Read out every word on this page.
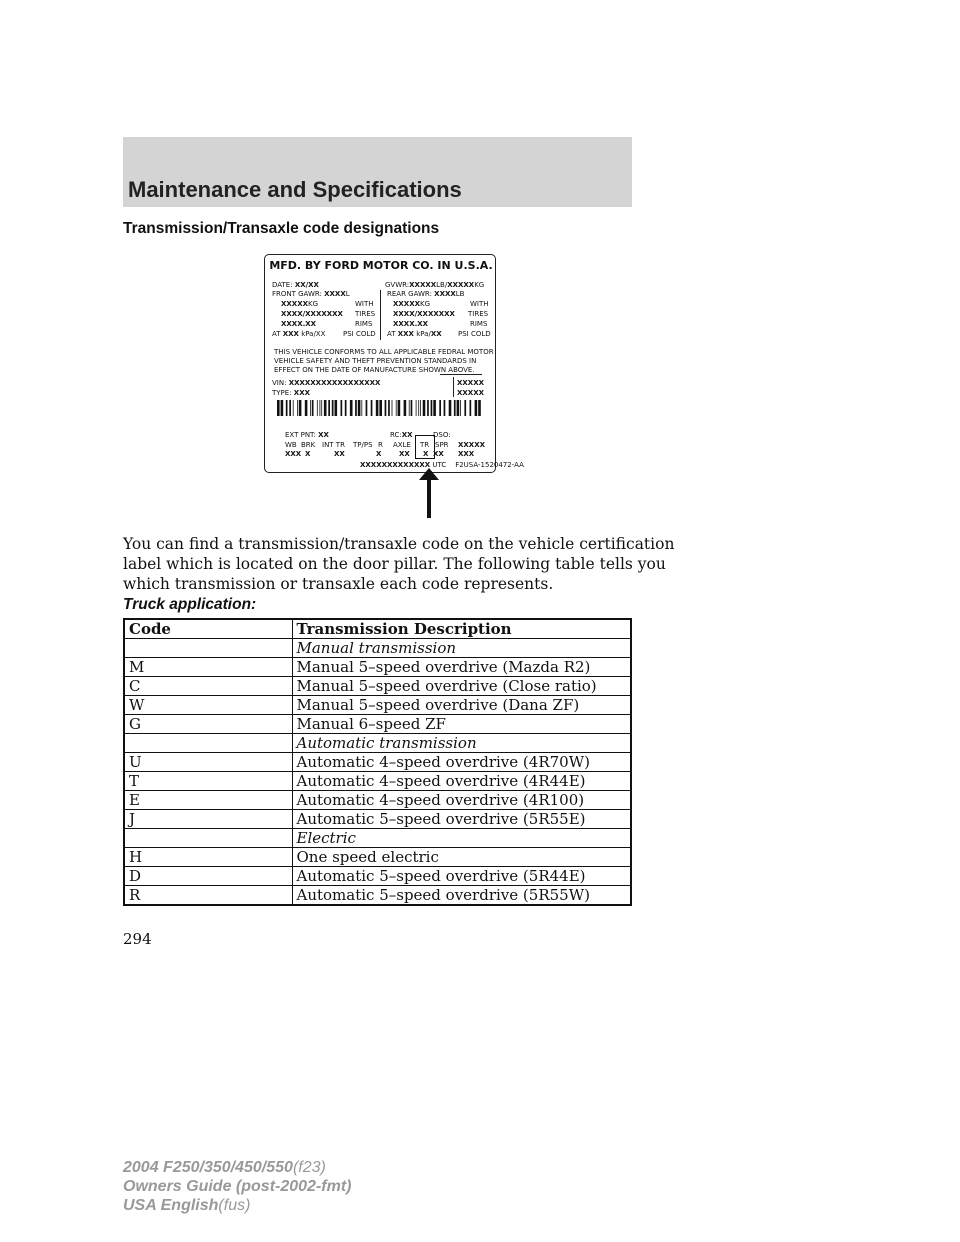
Maintenance and Specifications
Transmission/Transaxle code designations
MFD. BY FORD MOTOR CO. IN U.S.A.
DATE: XX/XX	GVWR:XXXXXLB/XXXXXKG
FRONT GAWR: XXXXL
XXXXXKG	WITH
XXXX/XXXXXXX TIRES
XXXX.XX	RIMS
AT XXX kPa/XX	PSI COLD
REAR GAWR: XXXXLB
XXXXXKG	WITH
XXXX/XXXXXXX TIRES
XXXX.XX	RIMS
AT XXX kPa/XX PSI COLD
THIS VEHICLE CONFORMS TO ALL APPLICABLE FEDRAL MOTOR
VEHICLE SAFETY AND THEFT PREVENTION STANDARDS IN
EFFECT ON THE DATE OF MANUFACTURE SHOWN ABOVE.
VIN: XXXXXXXXXXXXXXXXX
TYPE: XXX
XXXXX
XXXXX
EXT PNT: XX	RC:XX	DSO:
WB BRK INT TR TP/PS R AXLE TR SPR XXXXX
XXX X	XX	X	XX X XX XXX
XXXXXXXXXXXXX UTC F2USA-1520472-AA
You can find a transmission/transaxle code on the vehicle certification
label which is located on the door pillar. The following table tells you
which transmission or transaxle each code represents.
Truck application:
Code	Transmission Description
	Manual transmission
M	Manual 5–speed overdrive (Mazda R2)
C	Manual 5–speed overdrive (Close ratio)
W	Manual 5–speed overdrive (Dana ZF)
G	Manual 6–speed ZF
	Automatic transmission
U	Automatic 4–speed overdrive (4R70W)
T	Automatic 4–speed overdrive (4R44E)
E	Automatic 4–speed overdrive (4R100)
J	Automatic 5–speed overdrive (5R55E)
	Electric
H	One speed electric
D	Automatic 5–speed overdrive (5R44E)
R	Automatic 5–speed overdrive (5R55W)
294
2004 F250/350/450/550(f23)
Owners Guide (post-2002-fmt)
USA English(fus)
